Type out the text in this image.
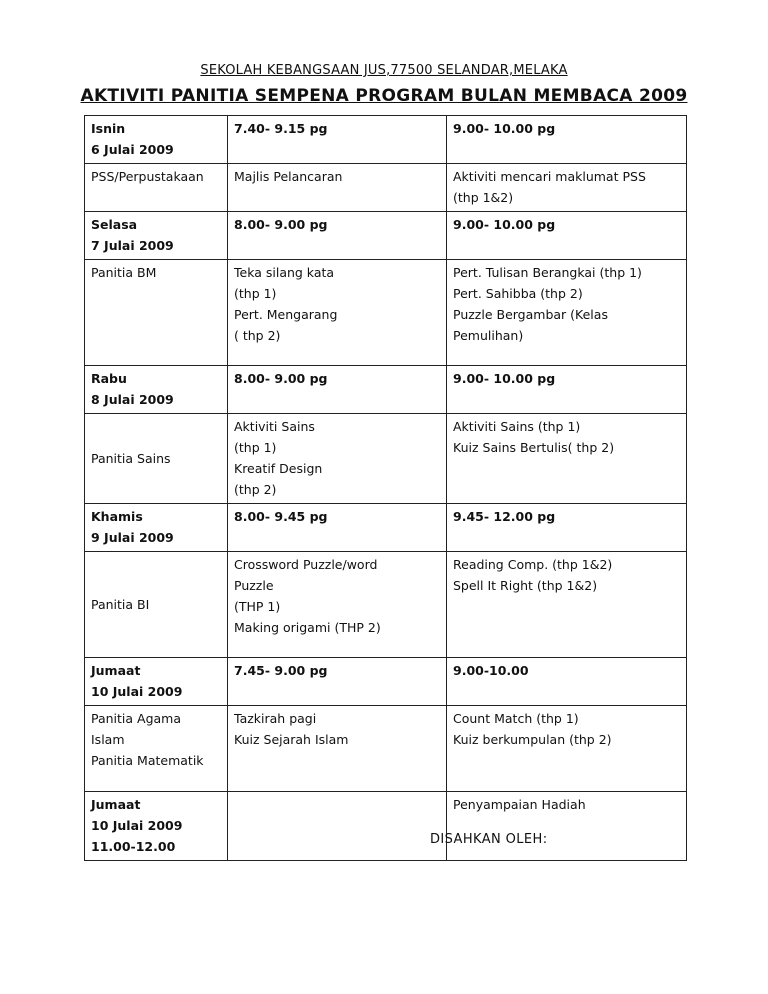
SEKOLAH KEBANGSAAN JUS,77500 SELANDAR,MELAKA
AKTIVITI PANITIA SEMPENA PROGRAM BULAN MEMBACA 2009
Isnin
6 Julai 2009	7.40- 9.15 pg	9.00- 10.00 pg

PSS/Perpustakaan	Majlis Pelancaran	Aktiviti mencari maklumat PSS
(thp 1&2)

Selasa
7 Julai 2009	8.00- 9.00 pg	9.00- 10.00 pg

Panitia BM	Teka silang kata
(thp 1)
Pert. Mengarang
( thp 2)	Pert. Tulisan Berangkai (thp 1)
Pert. Sahibba (thp 2)
Puzzle Bergambar (Kelas
Pemulihan)

Rabu
8 Julai 2009	8.00- 9.00 pg	9.00- 10.00 pg

Panitia Sains	Aktiviti Sains
(thp 1)
Kreatif Design
(thp 2)	Aktiviti Sains (thp 1)
Kuiz Sains Bertulis( thp 2)

Khamis
9 Julai 2009	8.00- 9.45 pg	9.45- 12.00 pg

Panitia BI	Crossword Puzzle/word
Puzzle
(THP 1)
Making origami (THP 2)	Reading Comp. (thp 1&2)
Spell It Right (thp 1&2)

Jumaat
10 Julai 2009	7.45- 9.00 pg	9.00-10.00

Panitia Agama
Islam
Panitia Matematik	Tazkirah pagi
Kuiz Sejarah Islam	Count Match (thp 1)
Kuiz berkumpulan (thp 2)

Jumaat
10 Julai 2009
11.00-12.00		Penyampaian Hadiah
DISAHKAN OLEH:
